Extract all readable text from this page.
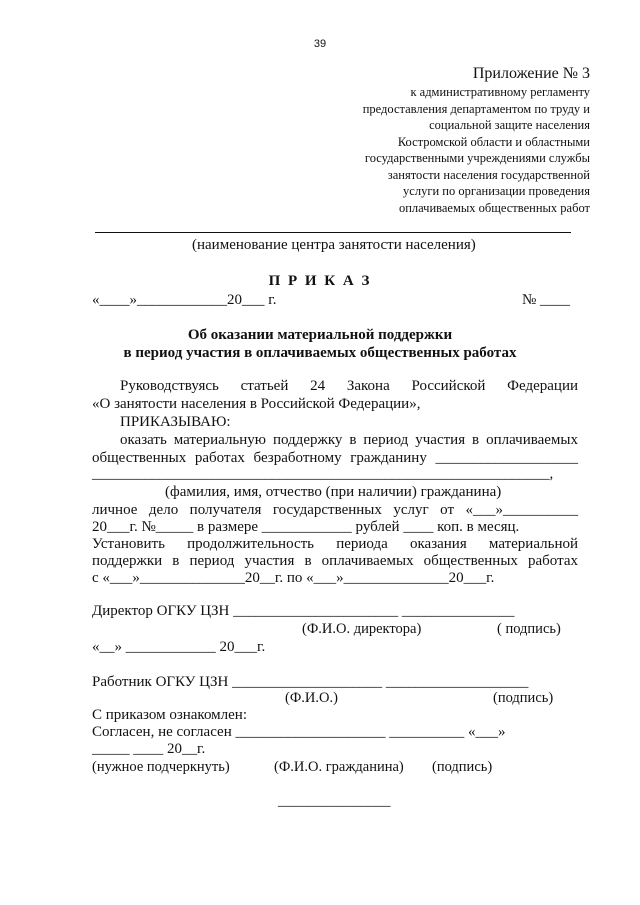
39
Приложение № 3
к административному регламенту
предоставления департаментом по труду и
социальной защите населения
Костромской области и областными
государственными учреждениями службы
занятости населения государственной
услуги по организации проведения
оплачиваемых общественных работ
(наименование центра занятости населения)
П Р И К А З
«____»____________20___ г.	№ ____
Об оказании материальной поддержки
в период участия в оплачиваемых общественных работах
Руководствуясь статьей 24 Закона Российской Федерации
«О занятости населения в Российской Федерации»,
ПРИКАЗЫВАЮ:
оказать материальную поддержку в период участия в оплачиваемых
общественных работах безработному гражданину ___________________
_____________________________________________________________,
(фамилия, имя, отчество (при наличии) гражданина)
личное дело получателя государственных услуг от «___»__________
20___г. №_____ в размере ____________ рублей ____ коп. в месяц.
Установить продолжительность периода оказания материальной
поддержки в период участия в оплачиваемых общественных работах
с «___»______________20__г. по «___»______________20___г.
Директор ОГКУ ЦЗН ______________________ _______________
(Ф.И.О. директора)	( подпись)
«__» ____________ 20___г.
Работник ОГКУ ЦЗН ____________________ ___________________
(Ф.И.О.)	(подпись)
С приказом ознакомлен:
Согласен, не согласен ____________________ __________ «___»
_____ ____ 20__г.
(нужное подчеркнуть)	(Ф.И.О. гражданина) (подпись)
_______________
